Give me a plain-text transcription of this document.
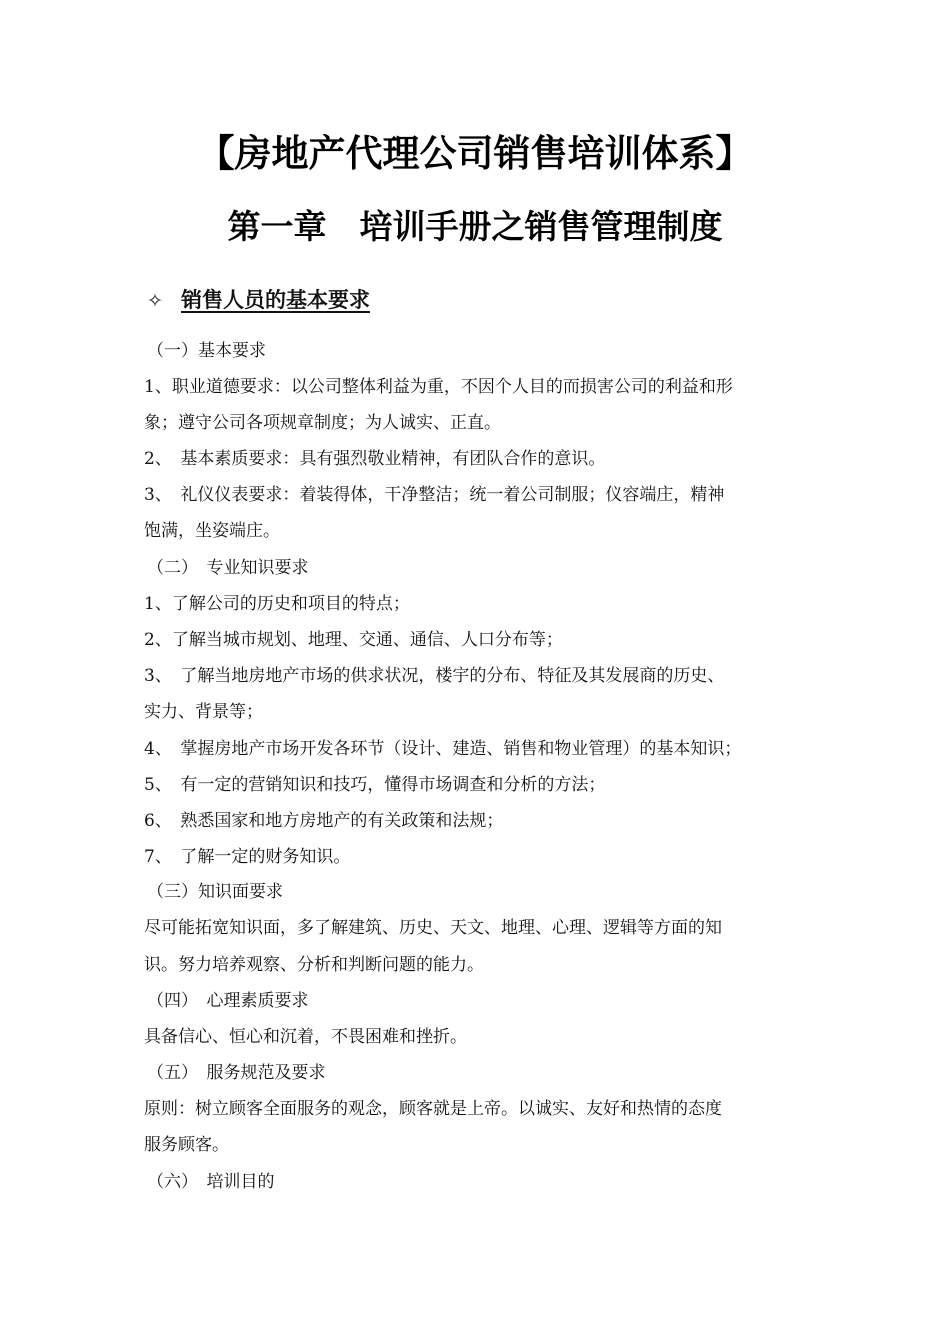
【房地产代理公司销售培训体系】
第一章　培训手册之销售管理制度
✧ 销售人员的基本要求
（一）基本要求
1、职业道德要求：以公司整体利益为重，不因个人目的而损害公司的利益和形
象；遵守公司各项规章制度；为人诚实、正直。
2、　基本素质要求：具有强烈敬业精神，有团队合作的意识。
3、　礼仪仪表要求：着装得体，干净整洁；统一着公司制服；仪容端庄，精神
饱满，坐姿端庄。
（二）　专业知识要求
1、了解公司的历史和项目的特点；
2、了解当城市规划、地理、交通、通信、人口分布等；
3、　了解当地房地产市场的供求状况，楼宇的分布、特征及其发展商的历史、
实力、背景等；
4、　掌握房地产市场开发各环节（设计、建造、销售和物业管理）的基本知识；
5、　有一定的营销知识和技巧，懂得市场调查和分析的方法；
6、　熟悉国家和地方房地产的有关政策和法规；
7、　了解一定的财务知识。
（三）知识面要求
尽可能拓宽知识面，多了解建筑、历史、天文、地理、心理、逻辑等方面的知
识。努力培养观察、分析和判断问题的能力。
（四）　心理素质要求
具备信心、恒心和沉着，不畏困难和挫折。
（五）　服务规范及要求
原则：树立顾客全面服务的观念，顾客就是上帝。以诚实、友好和热情的态度
服务顾客。
（六）　培训目的
